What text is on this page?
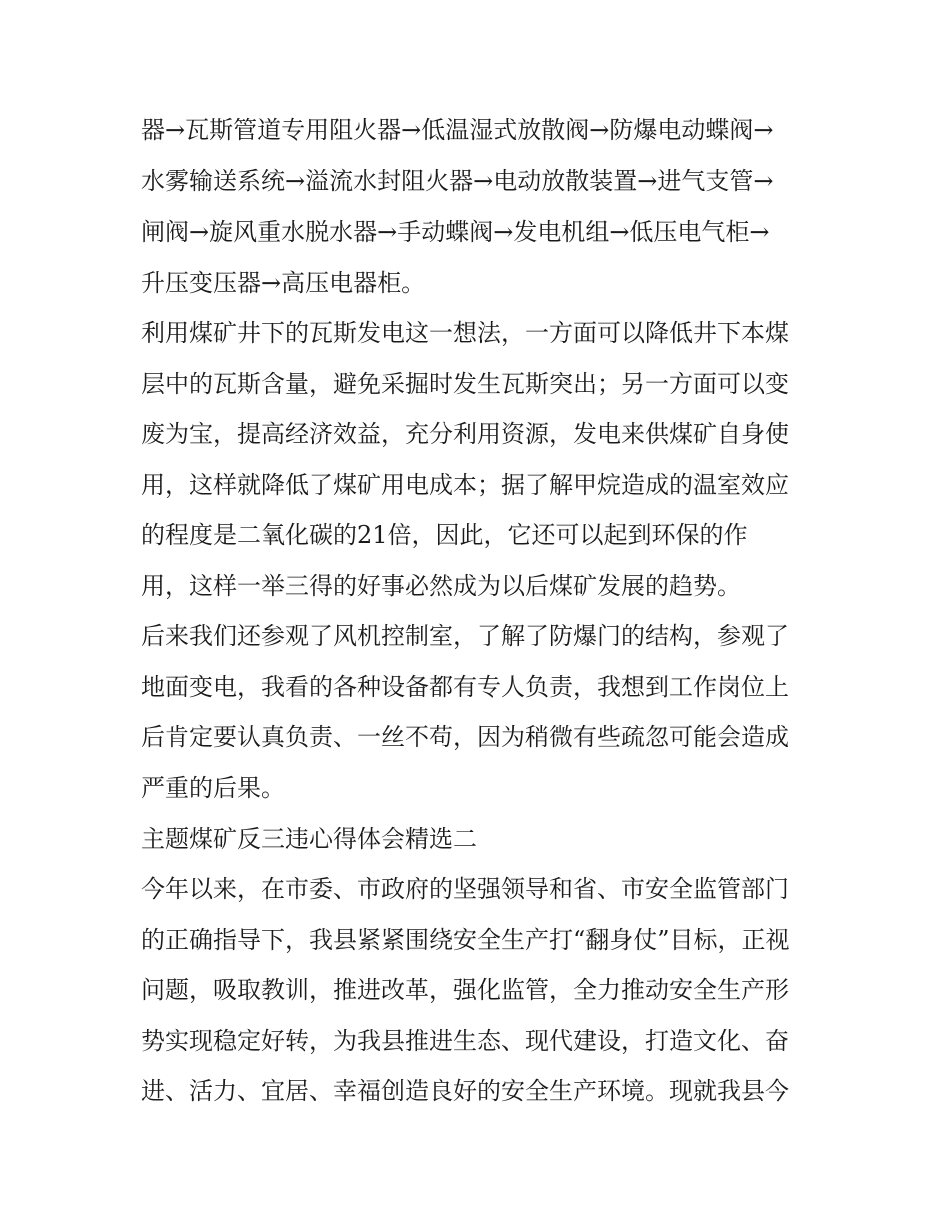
器→瓦斯管道专用阻火器→低温湿式放散阀→防爆电动蝶阀→
水雾输送系统→溢流水封阻火器→电动放散装置→进气支管→
闸阀→旋风重水脱水器→手动蝶阀→发电机组→低压电气柜→
升压变压器→高压电器柜。
利用煤矿井下的瓦斯发电这一想法，一方面可以降低井下本煤
层中的瓦斯含量，避免采掘时发生瓦斯突出；另一方面可以变
废为宝，提高经济效益，充分利用资源，发电来供煤矿自身使
用，这样就降低了煤矿用电成本；据了解甲烷造成的温室效应
的程度是二氧化碳的21倍，因此，它还可以起到环保的作
用，这样一举三得的好事必然成为以后煤矿发展的趋势。
后来我们还参观了风机控制室，了解了防爆门的结构，参观了
地面变电，我看的各种设备都有专人负责，我想到工作岗位上
后肯定要认真负责、一丝不苟，因为稍微有些疏忽可能会造成
严重的后果。
主题煤矿反三违心得体会精选二
今年以来，在市委、市政府的坚强领导和省、市安全监管部门
的正确指导下，我县紧紧围绕安全生产打“翻身仗”目标，正视
问题，吸取教训，推进改革，强化监管，全力推动安全生产形
势实现稳定好转，为我县推进生态、现代建设，打造文化、奋
进、活力、宜居、幸福创造良好的安全生产环境。现就我县今
